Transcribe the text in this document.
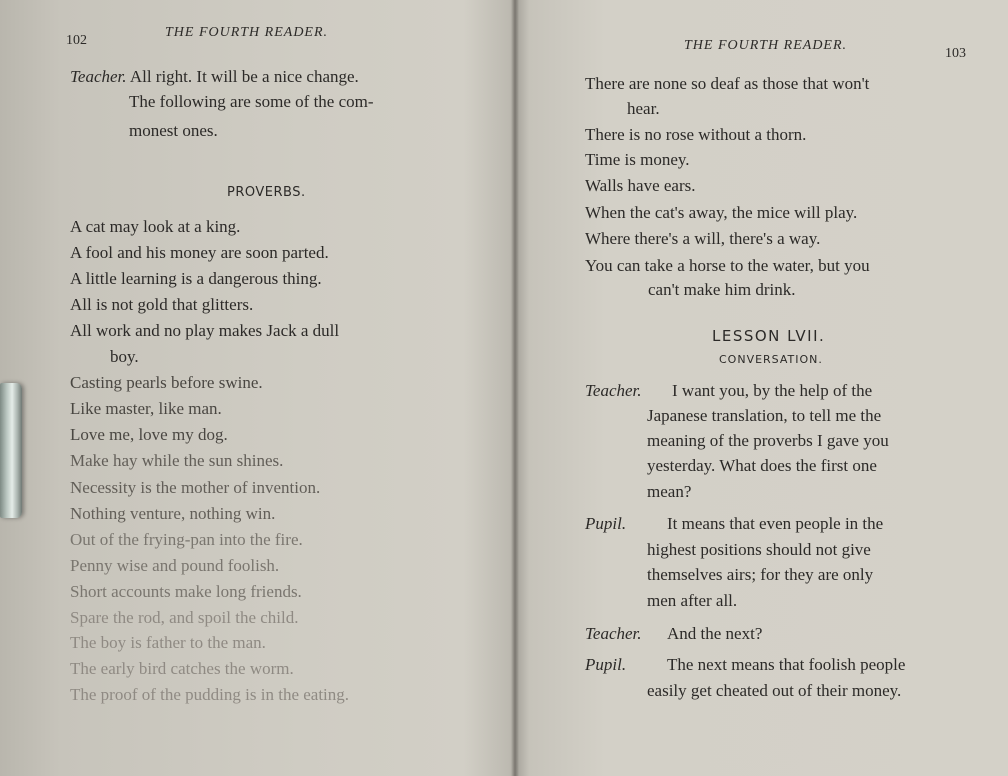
102
THE FOURTH READER.
Teacher. All right. It will be a nice change.
The following are some of the com-
monest ones.
PROVERBS.
A cat may look at a king.
A fool and his money are soon parted.
A little learning is a dangerous thing.
All is not gold that glitters.
All work and no play makes Jack a dull
boy.
Casting pearls before swine.
Like master, like man.
Love me, love my dog.
Make hay while the sun shines.
Necessity is the mother of invention.
Nothing venture, nothing win.
Out of the frying-pan into the fire.
Penny wise and pound foolish.
Short accounts make long friends.
Spare the rod, and spoil the child.
The boy is father to the man.
The early bird catches the worm.
The proof of the pudding is in the eating.
THE FOURTH READER.
103
There are none so deaf as those that won't
hear.
There is no rose without a thorn.
Time is money.
Walls have ears.
When the cat's away, the mice will play.
Where there's a will, there's a way.
You can take a horse to the water, but you
can't make him drink.
LESSON LVII.
CONVERSATION.
Teacher. I want you, by the help of the
Japanese translation, to tell me the
meaning of the proverbs I gave you
yesterday. What does the first one
mean?
Pupil. It means that even people in the
highest positions should not give
themselves airs; for they are only
men after all.
Teacher. And the next?
Pupil. The next means that foolish people
easily get cheated out of their money.
